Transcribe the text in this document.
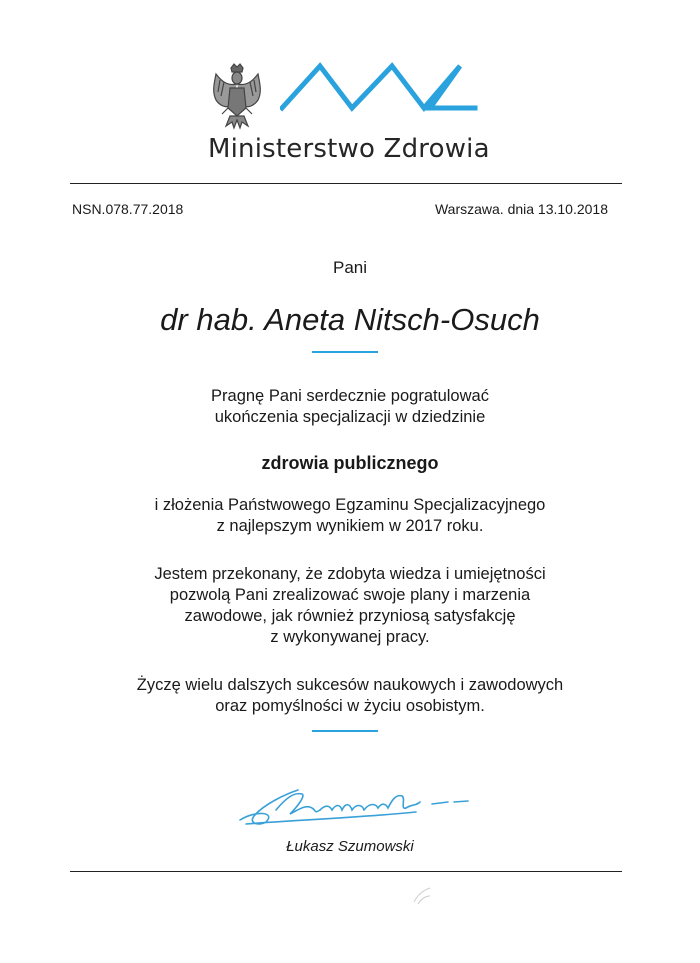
Ministerstwo Zdrowia
NSN.078.77.2018	Warszawa. dnia 13.10.2018
Pani
dr hab. Aneta Nitsch-Osuch
Pragnę Pani serdecznie pogratulować
ukończenia specjalizacji w dziedzinie
zdrowia publicznego
i złożenia Państwowego Egzaminu Specjalizacyjnego
z najlepszym wynikiem w 2017 roku.
Jestem przekonany, że zdobyta wiedza i umiejętności
pozwolą Pani zrealizować swoje plany i marzenia
zawodowe, jak również przyniosą satysfakcję
z wykonywanej pracy.
Życzę wielu dalszych sukcesów naukowych i zawodowych
oraz pomyślności w życiu osobistym.
Łukasz Szumowski
